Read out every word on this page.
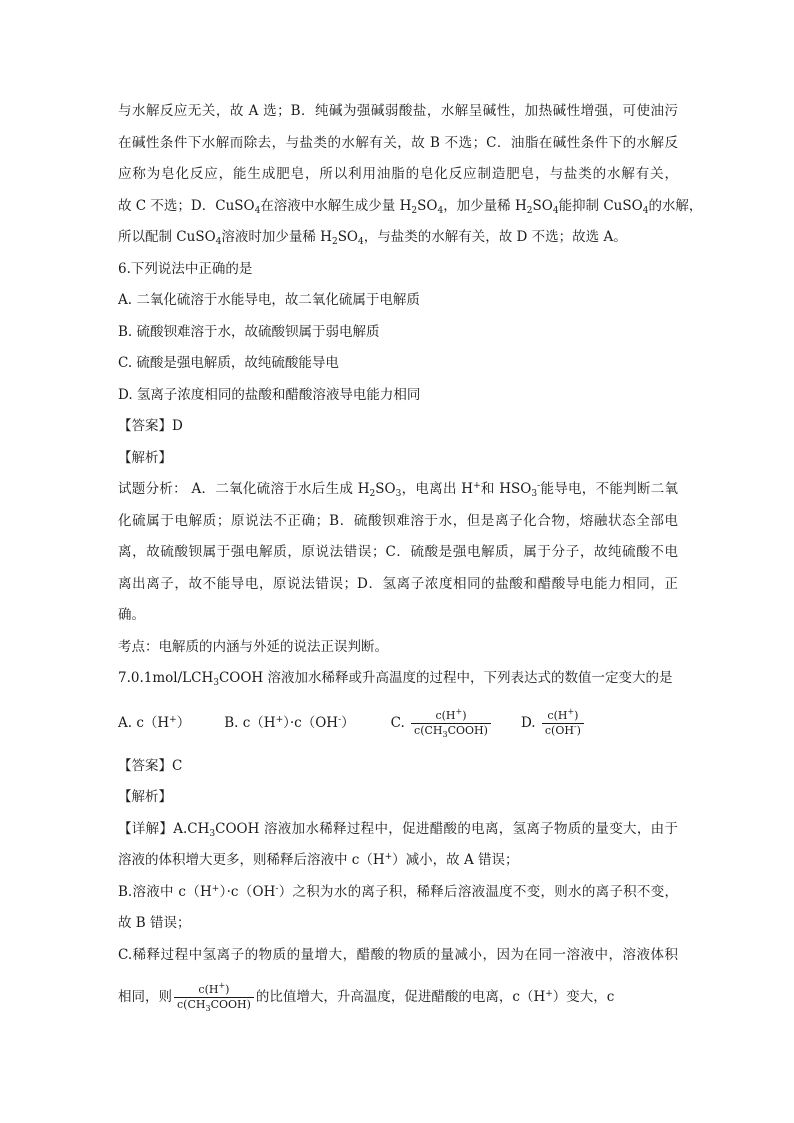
与水解反应无关，故 A 选；B．纯碱为强碱弱酸盐，水解呈碱性，加热碱性增强，可使油污
在碱性条件下水解而除去，与盐类的水解有关，故 B 不选；C．油脂在碱性条件下的水解反
应称为皂化反应，能生成肥皂，所以利用油脂的皂化反应制造肥皂，与盐类的水解有关，
故 C 不选；D．CuSO$_4$在溶液中水解生成少量 $H_2SO_4$，加少量稀 $H_2SO_4$能抑制 CuSO$_4$的水解，
所以配制 CuSO$_4$溶液时加少量稀 $H_2SO_4$，与盐类的水解有关，故 D 不选；故选 A。
6.下列说法中正确的是
A. 二氧化硫溶于水能导电，故二氧化硫属于电解质
B. 硫酸钡难溶于水，故硫酸钡属于弱电解质
C. 硫酸是强电解质，故纯硫酸能导电
D. 氢离子浓度相同的盐酸和醋酸溶液导电能力相同
【答案】D
【解析】
试题分析： A．二氧化硫溶于水后生成 $H_2SO_3$，电离出 H+和 $HSO_3^-$能导电，不能判断二氧
化硫属于电解质；原说法不正确；B．硫酸钡难溶于水，但是离子化合物，熔融状态全部电
离，故硫酸钡属于强电解质，原说法错误；C．硫酸是强电解质，属于分子，故纯硫酸不电
离出离子，故不能导电，原说法错误；D．氢离子浓度相同的盐酸和醋酸导电能力相同，正
确。
考点：电解质的内涵与外延的说法正误判断。
$7.0.1mol/LCH_3COOH$ 溶液加水稀释或升高温度的过程中，下列表达式的数值一定变大的是
A. c（H+）	B. c（H+）·c（OH-）	C. $\frac{c(H^+)}{c(CH_3COOH)} D$. $\frac{c(H^+)}{c(OH^-)}$
【答案】C
【解析】
【详解】$A.CH_3COOH$ 溶液加水稀释过程中，促进醋酸的电离，氢离子物质的量变大，由于
溶液的体积增大更多，则稀释后溶液中 c（H+）减小，故 A 错误；
B.溶液中 c（H+）·c（OH-）之积为水的离子积，稀释后溶液温度不变，则水的离子积不变，
故 B 错误；
C.稀释过程中氢离子的物质的量增大，醋酸的物质的量减小，因为在同一溶液中，溶液体积
相同，则 $\frac{c(H^+)}{c(CH_3COOH)}$ 的比值增大，升高温度，促进醋酸的电离，c（H+）变大，c
